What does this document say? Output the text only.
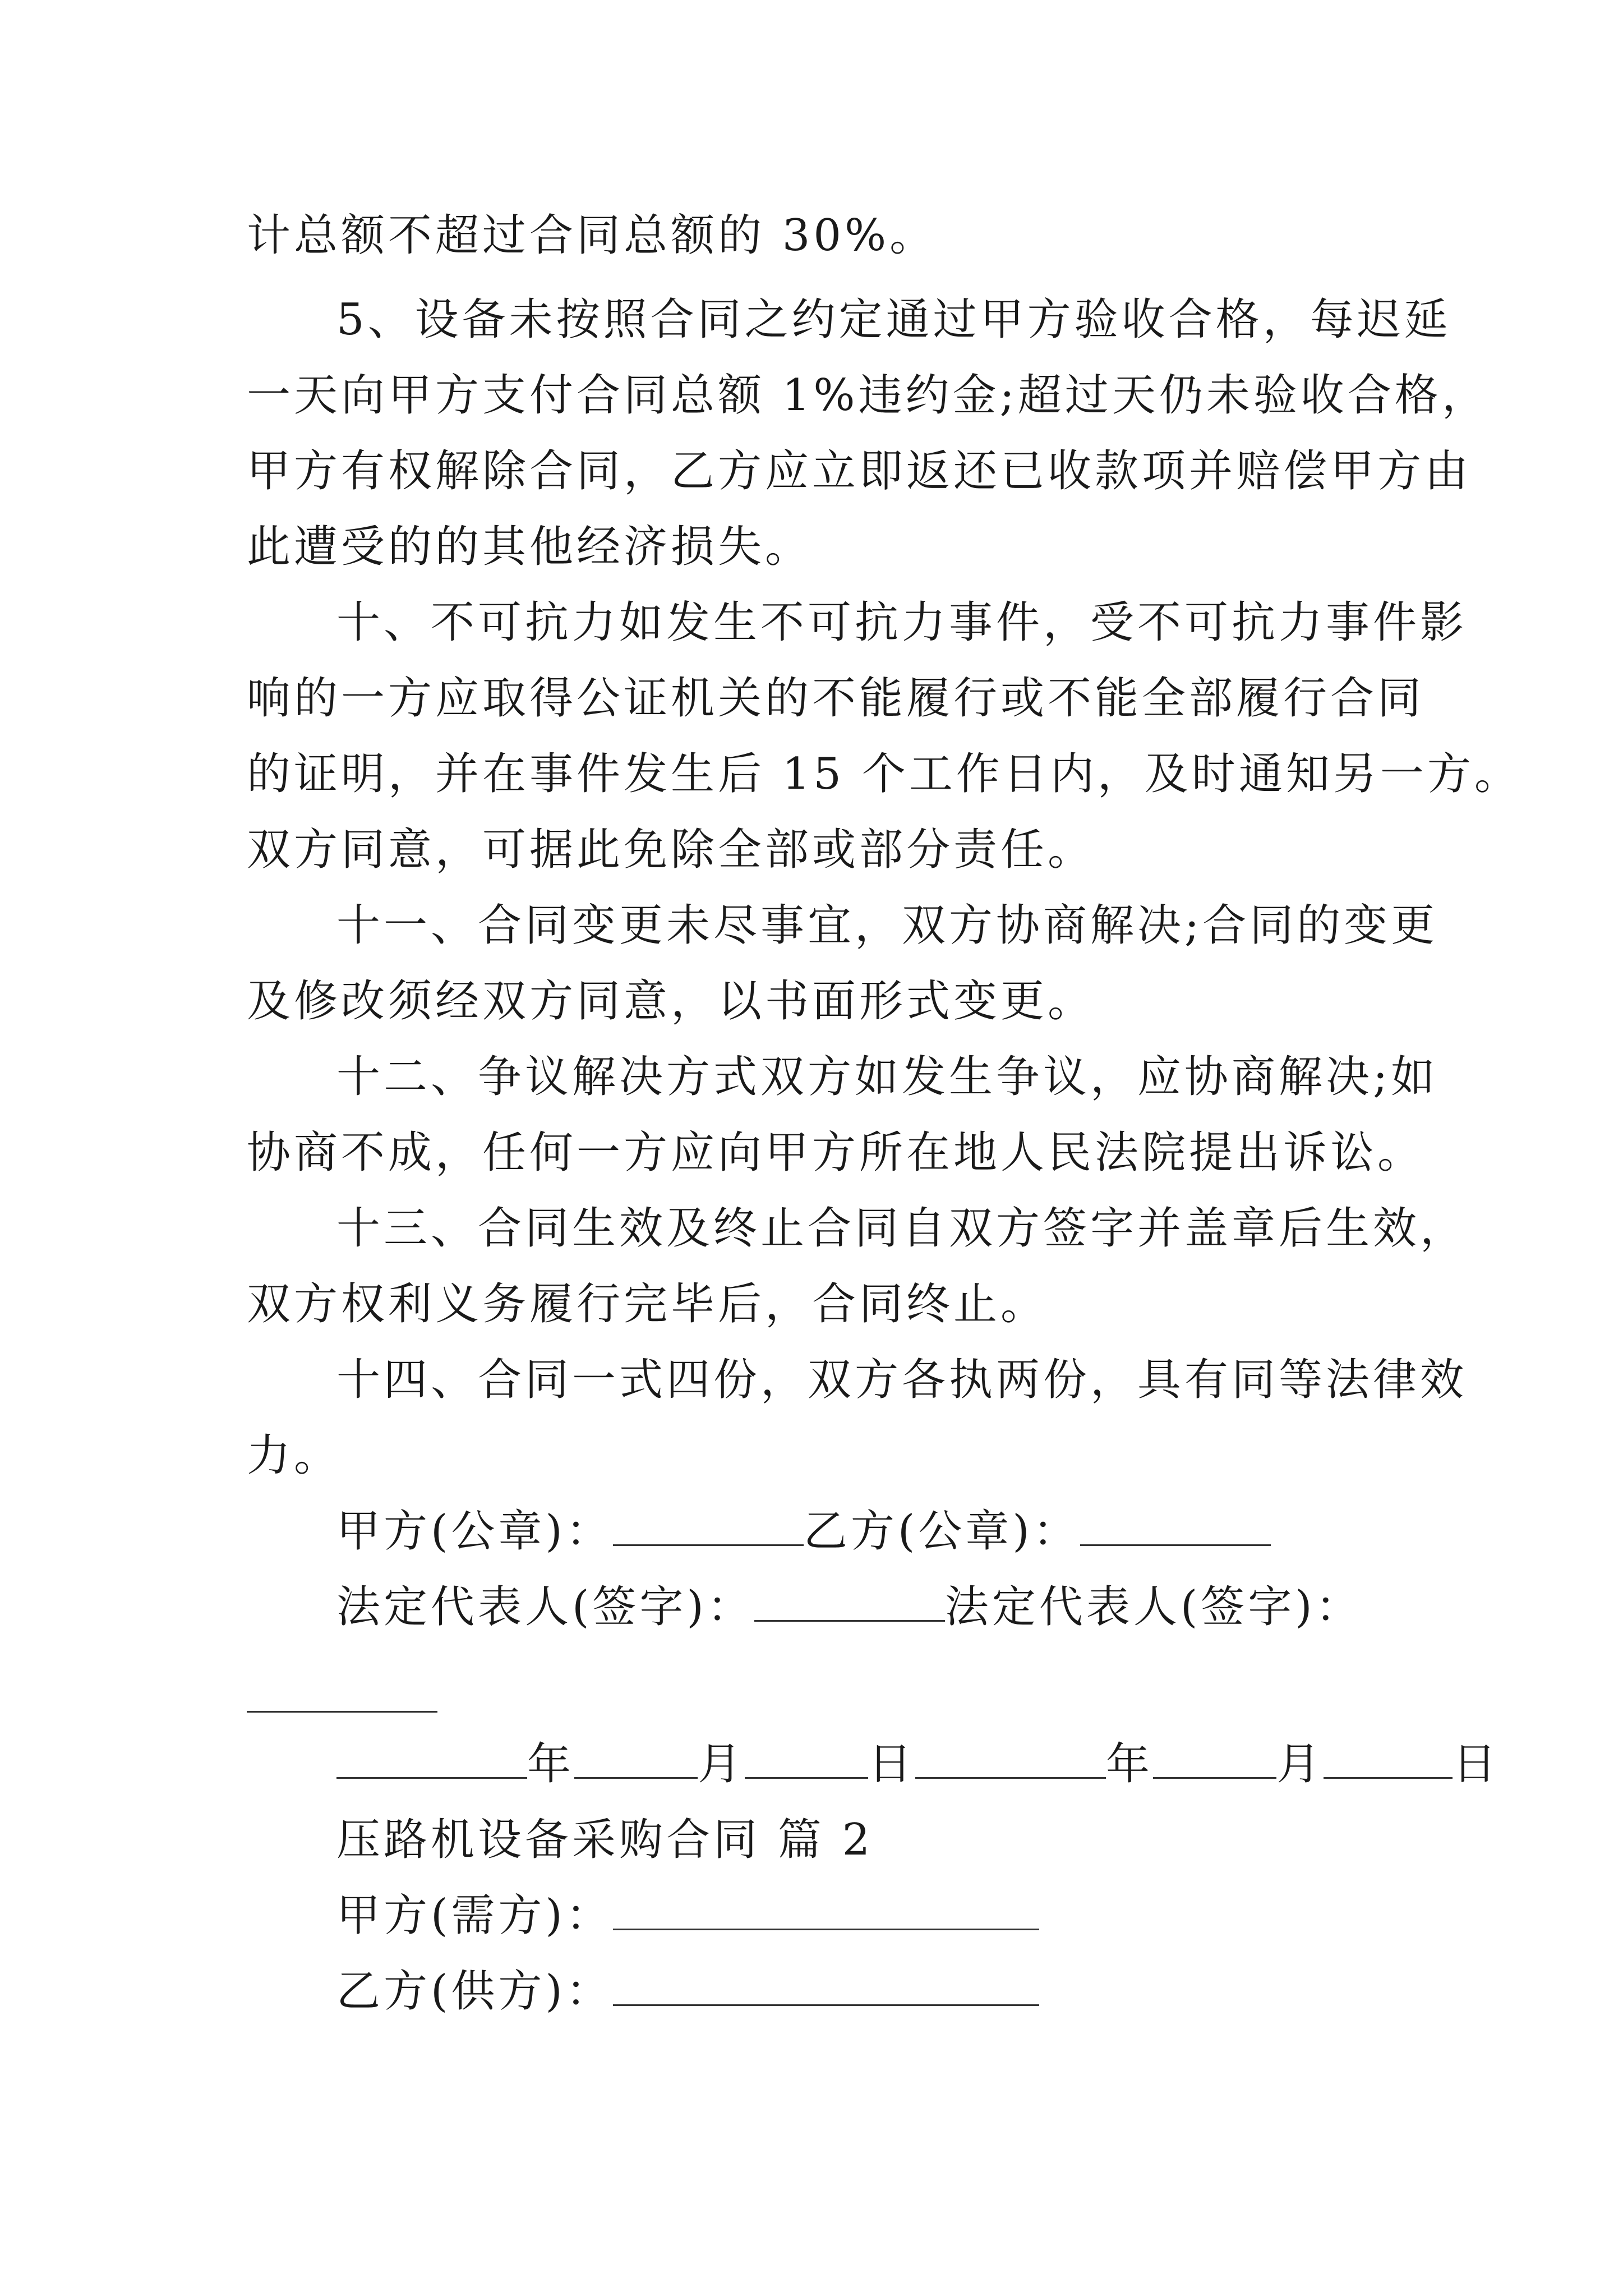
计总额不超过合同总额的 30%。
5、设备未按照合同之约定通过甲方验收合格，每迟延
一天向甲方支付合同总额 1%违约金;超过天仍未验收合格，
甲方有权解除合同，乙方应立即返还已收款项并赔偿甲方由
此遭受的的其他经济损失。
十、不可抗力如发生不可抗力事件，受不可抗力事件影
响的一方应取得公证机关的不能履行或不能全部履行合同
的证明，并在事件发生后 15 个工作日内，及时通知另一方。
双方同意，可据此免除全部或部分责任。
十一、合同变更未尽事宜，双方协商解决;合同的变更
及修改须经双方同意，以书面形式变更。
十二、争议解决方式双方如发生争议，应协商解决;如
协商不成，任何一方应向甲方所在地人民法院提出诉讼。
十三、合同生效及终止合同自双方签字并盖章后生效，
双方权利义务履行完毕后，合同终止。
十四、合同一式四份，双方各执两份，具有同等法律效
力。
甲方(公章)：	乙方(公章)：
法定代表人(签字)：	法定代表人(签字)：
年	月	日	年	月	日
压路机设备采购合同 篇 2
甲方(需方)：
乙方(供方)：
